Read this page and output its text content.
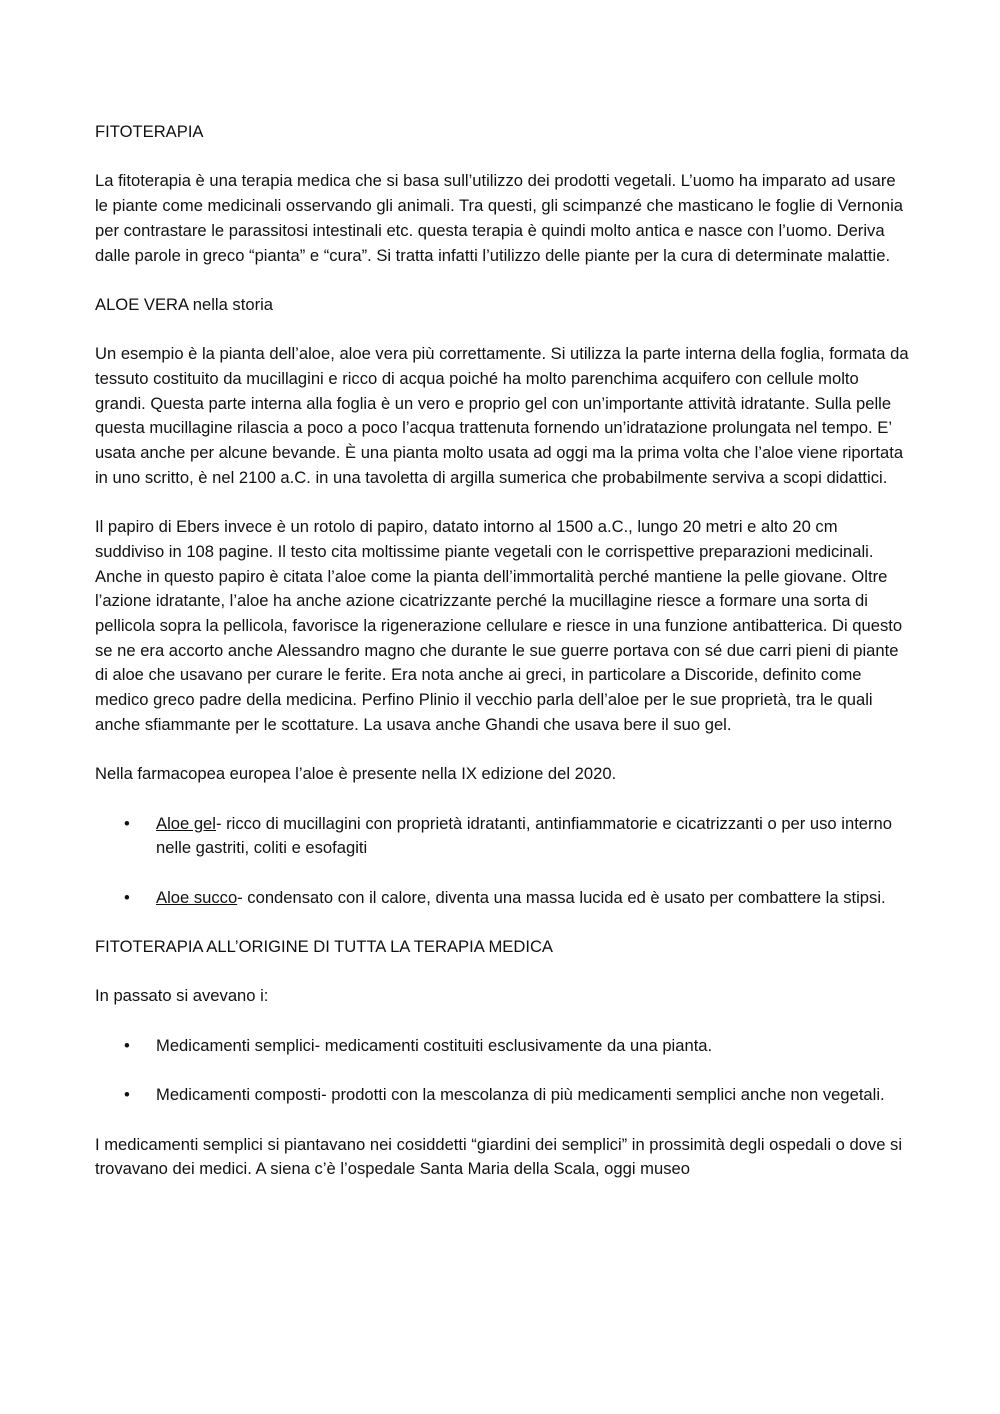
FITOTERAPIA

La fitoterapia è una terapia medica che si basa sull’utilizzo dei prodotti vegetali. L’uomo ha imparato ad usare le piante come medicinali osservando gli animali. Tra questi, gli scimpanzé che masticano le foglie di Vernonia per contrastare le parassitosi intestinali etc. questa terapia è quindi molto antica e nasce con l’uomo. Deriva dalle parole in greco “pianta” e “cura”. Si tratta infatti l’utilizzo delle piante per la cura di determinate malattie.

ALOE VERA nella storia

Un esempio è la pianta dell’aloe, aloe vera più correttamente. Si utilizza la parte interna della foglia, formata da tessuto costituito da mucillagini e ricco di acqua poiché ha molto parenchima acquifero con cellule molto grandi. Questa parte interna alla foglia è un vero e proprio gel con un’importante attività idratante. Sulla pelle questa mucillagine rilascia a poco a poco l’acqua trattenuta fornendo un’idratazione prolungata nel tempo. E’ usata anche per alcune bevande. È una pianta molto usata ad oggi ma la prima volta che l’aloe viene riportata in uno scritto, è nel 2100 a.C. in una tavoletta di argilla sumerica che probabilmente serviva a scopi didattici.

Il papiro di Ebers invece è un rotolo di papiro, datato intorno al 1500 a.C., lungo 20 metri e alto 20 cm suddiviso in 108 pagine. Il testo cita moltissime piante vegetali con le corrispettive preparazioni medicinali. Anche in questo papiro è citata l’aloe come la pianta dell’immortalità perché mantiene la pelle giovane. Oltre l’azione idratante, l’aloe ha anche azione cicatrizzante perché la mucillagine riesce a formare una sorta di pellicola sopra la pellicola, favorisce la rigenerazione cellulare e riesce in una funzione antibatterica. Di questo se ne era accorto anche Alessandro magno che durante le sue guerre portava con sé due carri pieni di piante di aloe che usavano per curare le ferite. Era nota anche ai greci, in particolare a Discoride, definito come medico greco padre della medicina. Perfino Plinio il vecchio parla dell’aloe per le sue proprietà, tra le quali anche sfiammante per le scottature. La usava anche Ghandi che usava bere il suo gel.

Nella farmacopea europea l’aloe è presente nella IX edizione del 2020.

• Aloe gel- ricco di mucillagini con proprietà idratanti, antinfiammatorie e cicatrizzanti o per uso interno nelle gastriti, coliti e esofagiti
• Aloe succo- condensato con il calore, diventa una massa lucida ed è usato per combattere la stipsi.

FITOTERAPIA ALL’ORIGINE DI TUTTA LA TERAPIA MEDICA

In passato si avevano i:

• Medicamenti semplici- medicamenti costituiti esclusivamente da una pianta.
• Medicamenti composti- prodotti con la mescolanza di più medicamenti semplici anche non vegetali.

I medicamenti semplici si piantavano nei cosiddetti “giardini dei semplici” in prossimità degli ospedali o dove si trovavano dei medici. A siena c’è l’ospedale Santa Maria della Scala, oggi museo
